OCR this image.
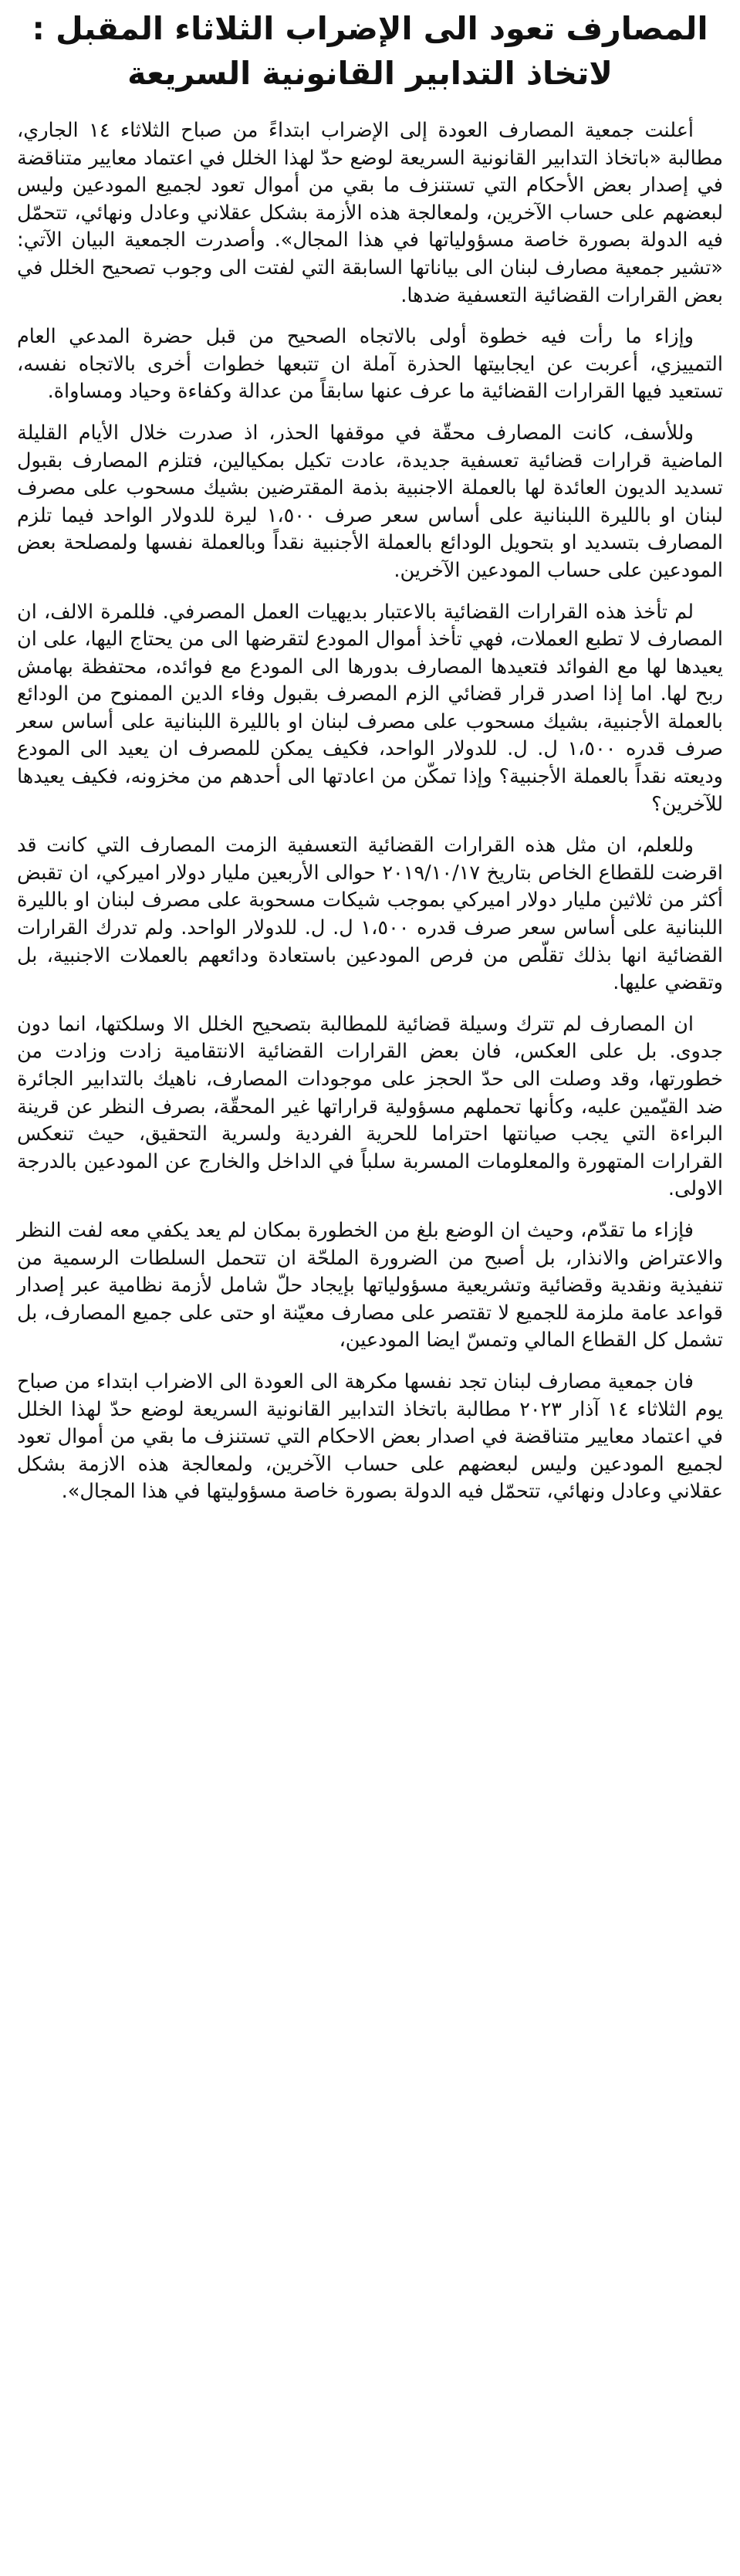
المصارف تعود الى الإضراب الثلاثاء المقبل :
لاتخاذ التدابير القانونية السريعة

أعلنت جمعية المصارف العودة إلى الإضراب ابتداءً من صباح الثلاثاء ١٤ الجاري، مطالبة «باتخاذ التدابير القانونية السريعة لوضع حدّ لهذا الخلل في اعتماد معايير متناقضة في إصدار بعض الأحكام التي تستنزف ما بقي من أموال تعود لجميع المودعين وليس لبعضهم على حساب الآخرين، ولمعالجة هذه الأزمة بشكل عقلاني وعادل ونهائي، تتحمّل فيه الدولة بصورة خاصة مسؤولياتها في هذا المجال». وأصدرت الجمعية البيان الآتي: «تشير جمعية مصارف لبنان الى بياناتها السابقة التي لفتت الى وجوب تصحيح الخلل في بعض القرارات القضائية التعسفية ضدها.

وإزاء ما رأت فيه خطوة أولى بالاتجاه الصحيح من قبل حضرة المدعي العام التمييزي، أعربت عن ايجابيتها الحذرة آملة ان تتبعها خطوات أخرى بالاتجاه نفسه، تستعيد فيها القرارات القضائية ما عرف عنها سابقاً من عدالة وكفاءة وحياد ومساواة.

وللأسف، كانت المصارف محقّة في موقفها الحذر، اذ صدرت خلال الأيام القليلة الماضية قرارات قضائية تعسفية جديدة، عادت تكيل بمكيالين، فتلزم المصارف بقبول تسديد الديون العائدة لها بالعملة الاجنبية بذمة المقترضين بشيك مسحوب على مصرف لبنان او بالليرة اللبنانية على أساس سعر صرف ١،٥٠٠ ليرة للدولار الواحد فيما تلزم المصارف بتسديد او بتحويل الودائع بالعملة الأجنبية نقداً وبالعملة نفسها ولمصلحة بعض المودعين على حساب المودعين الآخرين.

لم تأخذ هذه القرارات القضائية بالاعتبار بديهيات العمل المصرفي. فللمرة الالف، ان المصارف لا تطبع العملات، فهي تأخذ أموال المودع لتقرضها الى من يحتاج اليها، على ان يعيدها لها مع الفوائد فتعيدها المصارف بدورها الى المودع مع فوائده، محتفظة بهامش ربح لها. اما إذا اصدر قرار قضائي الزم المصرف بقبول وفاء الدين الممنوح من الودائع بالعملة الأجنبية، بشيك مسحوب على مصرف لبنان او بالليرة اللبنانية على أساس سعر صرف قدره ١،٥٠٠ ل. ل. للدولار الواحد، فكيف يمكن للمصرف ان يعيد الى المودع وديعته نقداً بالعملة الأجنبية؟ وإذا تمكّن من اعادتها الى أحدهم من مخزونه، فكيف يعيدها للآخرين؟

وللعلم، ان مثل هذه القرارات القضائية التعسفية الزمت المصارف التي كانت قد اقرضت للقطاع الخاص بتاريخ ٢٠١٩/١٠/١٧ حوالى الأربعين مليار دولار اميركي، ان تقبض أكثر من ثلاثين مليار دولار اميركي بموجب شيكات مسحوبة على مصرف لبنان او بالليرة اللبنانية على أساس سعر صرف قدره ١،٥٠٠ ل. ل. للدولار الواحد. ولم تدرك القرارات القضائية انها بذلك تقلّص من فرص المودعين باستعادة ودائعهم بالعملات الاجنبية، بل وتقضي عليها.

ان المصارف لم تترك وسيلة قضائية للمطالبة بتصحيح الخلل الا وسلكتها، انما دون جدوى. بل على العكس، فان بعض القرارات القضائية الانتقامية زادت وزادت من خطورتها، وقد وصلت الى حدّ الحجز على موجودات المصارف، ناهيك بالتدابير الجائرة ضد القيّمين عليه، وكأنها تحملهم مسؤولية قراراتها غير المحقّة، بصرف النظر عن قرينة البراءة التي يجب صيانتها احتراما للحرية الفردية ولسرية التحقيق، حيث تنعكس القرارات المتهورة والمعلومات المسربة سلباً في الداخل والخارج عن المودعين بالدرجة الاولى.

فإزاء ما تقدّم، وحيث ان الوضع بلغ من الخطورة بمكان لم يعد يكفي معه لفت النظر والاعتراض والانذار، بل أصبح من الضرورة الملحّة ان تتحمل السلطات الرسمية من تنفيذية ونقدية وقضائية وتشريعية مسؤولياتها بإيجاد حلّ شامل لأزمة نظامية عبر إصدار قواعد عامة ملزمة للجميع لا تقتصر على مصارف معيّنة او حتى على جميع المصارف، بل تشمل كل القطاع المالي وتمسّ ايضا المودعين،

فان جمعية مصارف لبنان تجد نفسها مكرهة الى العودة الى الاضراب ابتداء من صباح يوم الثلاثاء ١٤ آذار ٢٠٢٣ مطالبة باتخاذ التدابير القانونية السريعة لوضع حدّ لهذا الخلل في اعتماد معايير متناقضة في اصدار بعض الاحكام التي تستنزف ما بقي من أموال تعود لجميع المودعين وليس لبعضهم على حساب الآخرين، ولمعالجة هذه الازمة بشكل عقلاني وعادل ونهائي، تتحمّل فيه الدولة بصورة خاصة مسؤوليتها في هذا المجال».
